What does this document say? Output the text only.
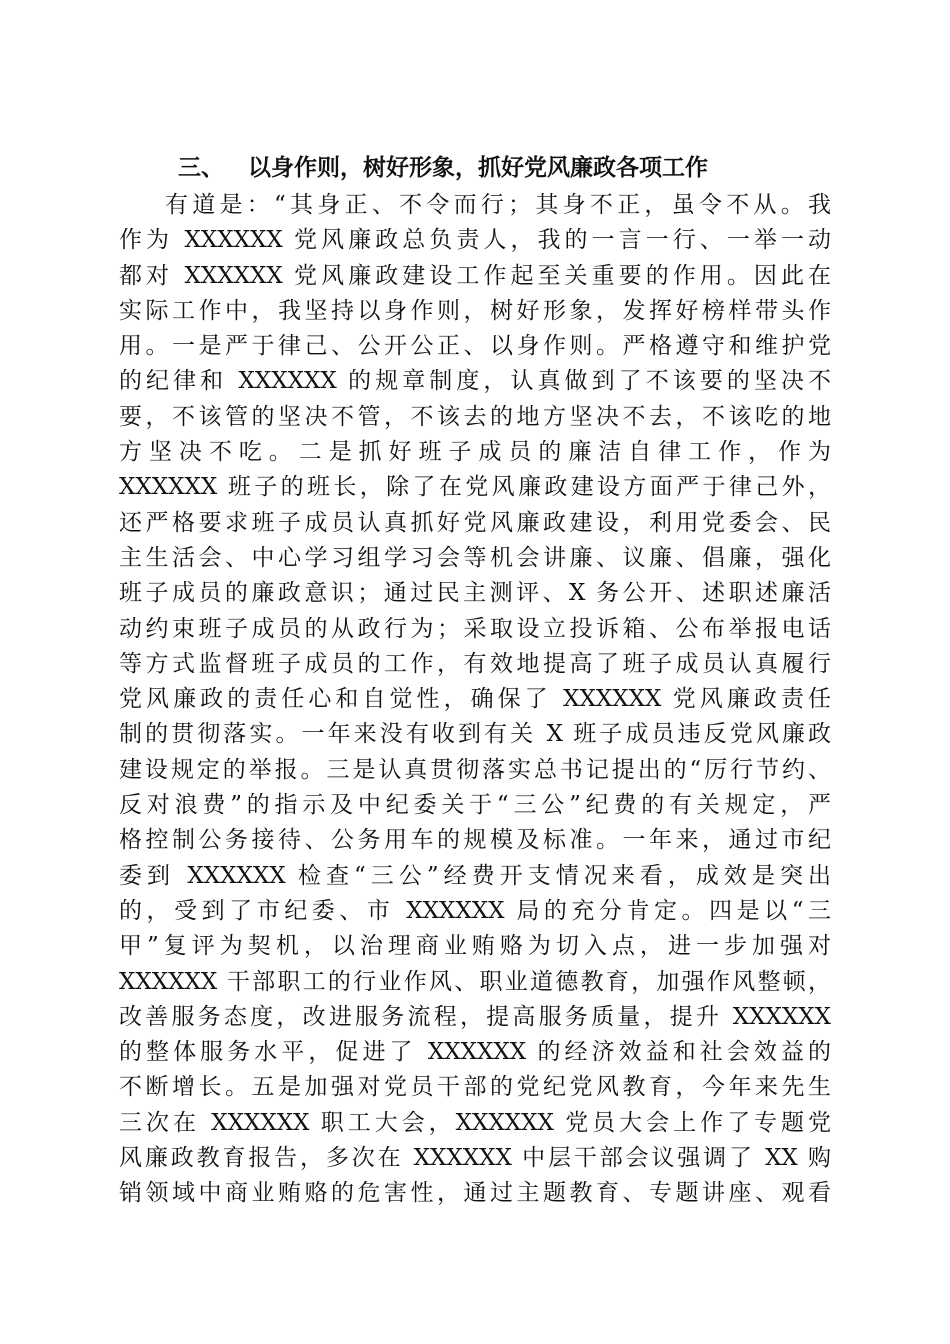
三、 以身作则，树好形象，抓好党风廉政各项工作
有道是：“其身正、不令而行；其身不正，虽令不从。我
作为 XXXXXX 党风廉政总负责人，我的一言一行、一举一动
都对 XXXXXX 党风廉政建设工作起至关重要的作用。因此在
实际工作中，我坚持以身作则，树好形象，发挥好榜样带头作
用。一是严于律己、公开公正、以身作则。严格遵守和维护党
的纪律和 XXXXXX 的规章制度，认真做到了不该要的坚决不
要，不该管的坚决不管，不该去的地方坚决不去，不该吃的地
方坚决不吃。二是抓好班子成员的廉洁自律工作，作为
XXXXXX 班子的班长，除了在党风廉政建设方面严于律己外，
还严格要求班子成员认真抓好党风廉政建设，利用党委会、民
主生活会、中心学习组学习会等机会讲廉、议廉、倡廉，强化
班子成员的廉政意识；通过民主测评、X 务公开、述职述廉活
动约束班子成员的从政行为；采取设立投诉箱、公布举报电话
等方式监督班子成员的工作，有效地提高了班子成员认真履行
党风廉政的责任心和自觉性，确保了 XXXXXX 党风廉政责任
制的贯彻落实。一年来没有收到有关 X 班子成员违反党风廉政
建设规定的举报。三是认真贯彻落实总书记提出的“厉行节约、
反对浪费”的指示及中纪委关于“三公”纪费的有关规定，严
格控制公务接待、公务用车的规模及标准。一年来，通过市纪
委到 XXXXXX 检查“三公”经费开支情况来看，成效是突出
的，受到了市纪委、市 XXXXXX 局的充分肯定。四是以“三
甲”复评为契机，以治理商业贿赂为切入点，进一步加强对
XXXXXX 干部职工的行业作风、职业道德教育，加强作风整顿，
改善服务态度，改进服务流程，提高服务质量，提升 XXXXXX
的整体服务水平，促进了 XXXXXX 的经济效益和社会效益的
不断增长。五是加强对党员干部的党纪党风教育，今年来先生
三次在 XXXXXX 职工大会，XXXXXX 党员大会上作了专题党
风廉政教育报告，多次在 XXXXXX 中层干部会议强调了 XX 购
销领域中商业贿赂的危害性，通过主题教育、专题讲座、观看
